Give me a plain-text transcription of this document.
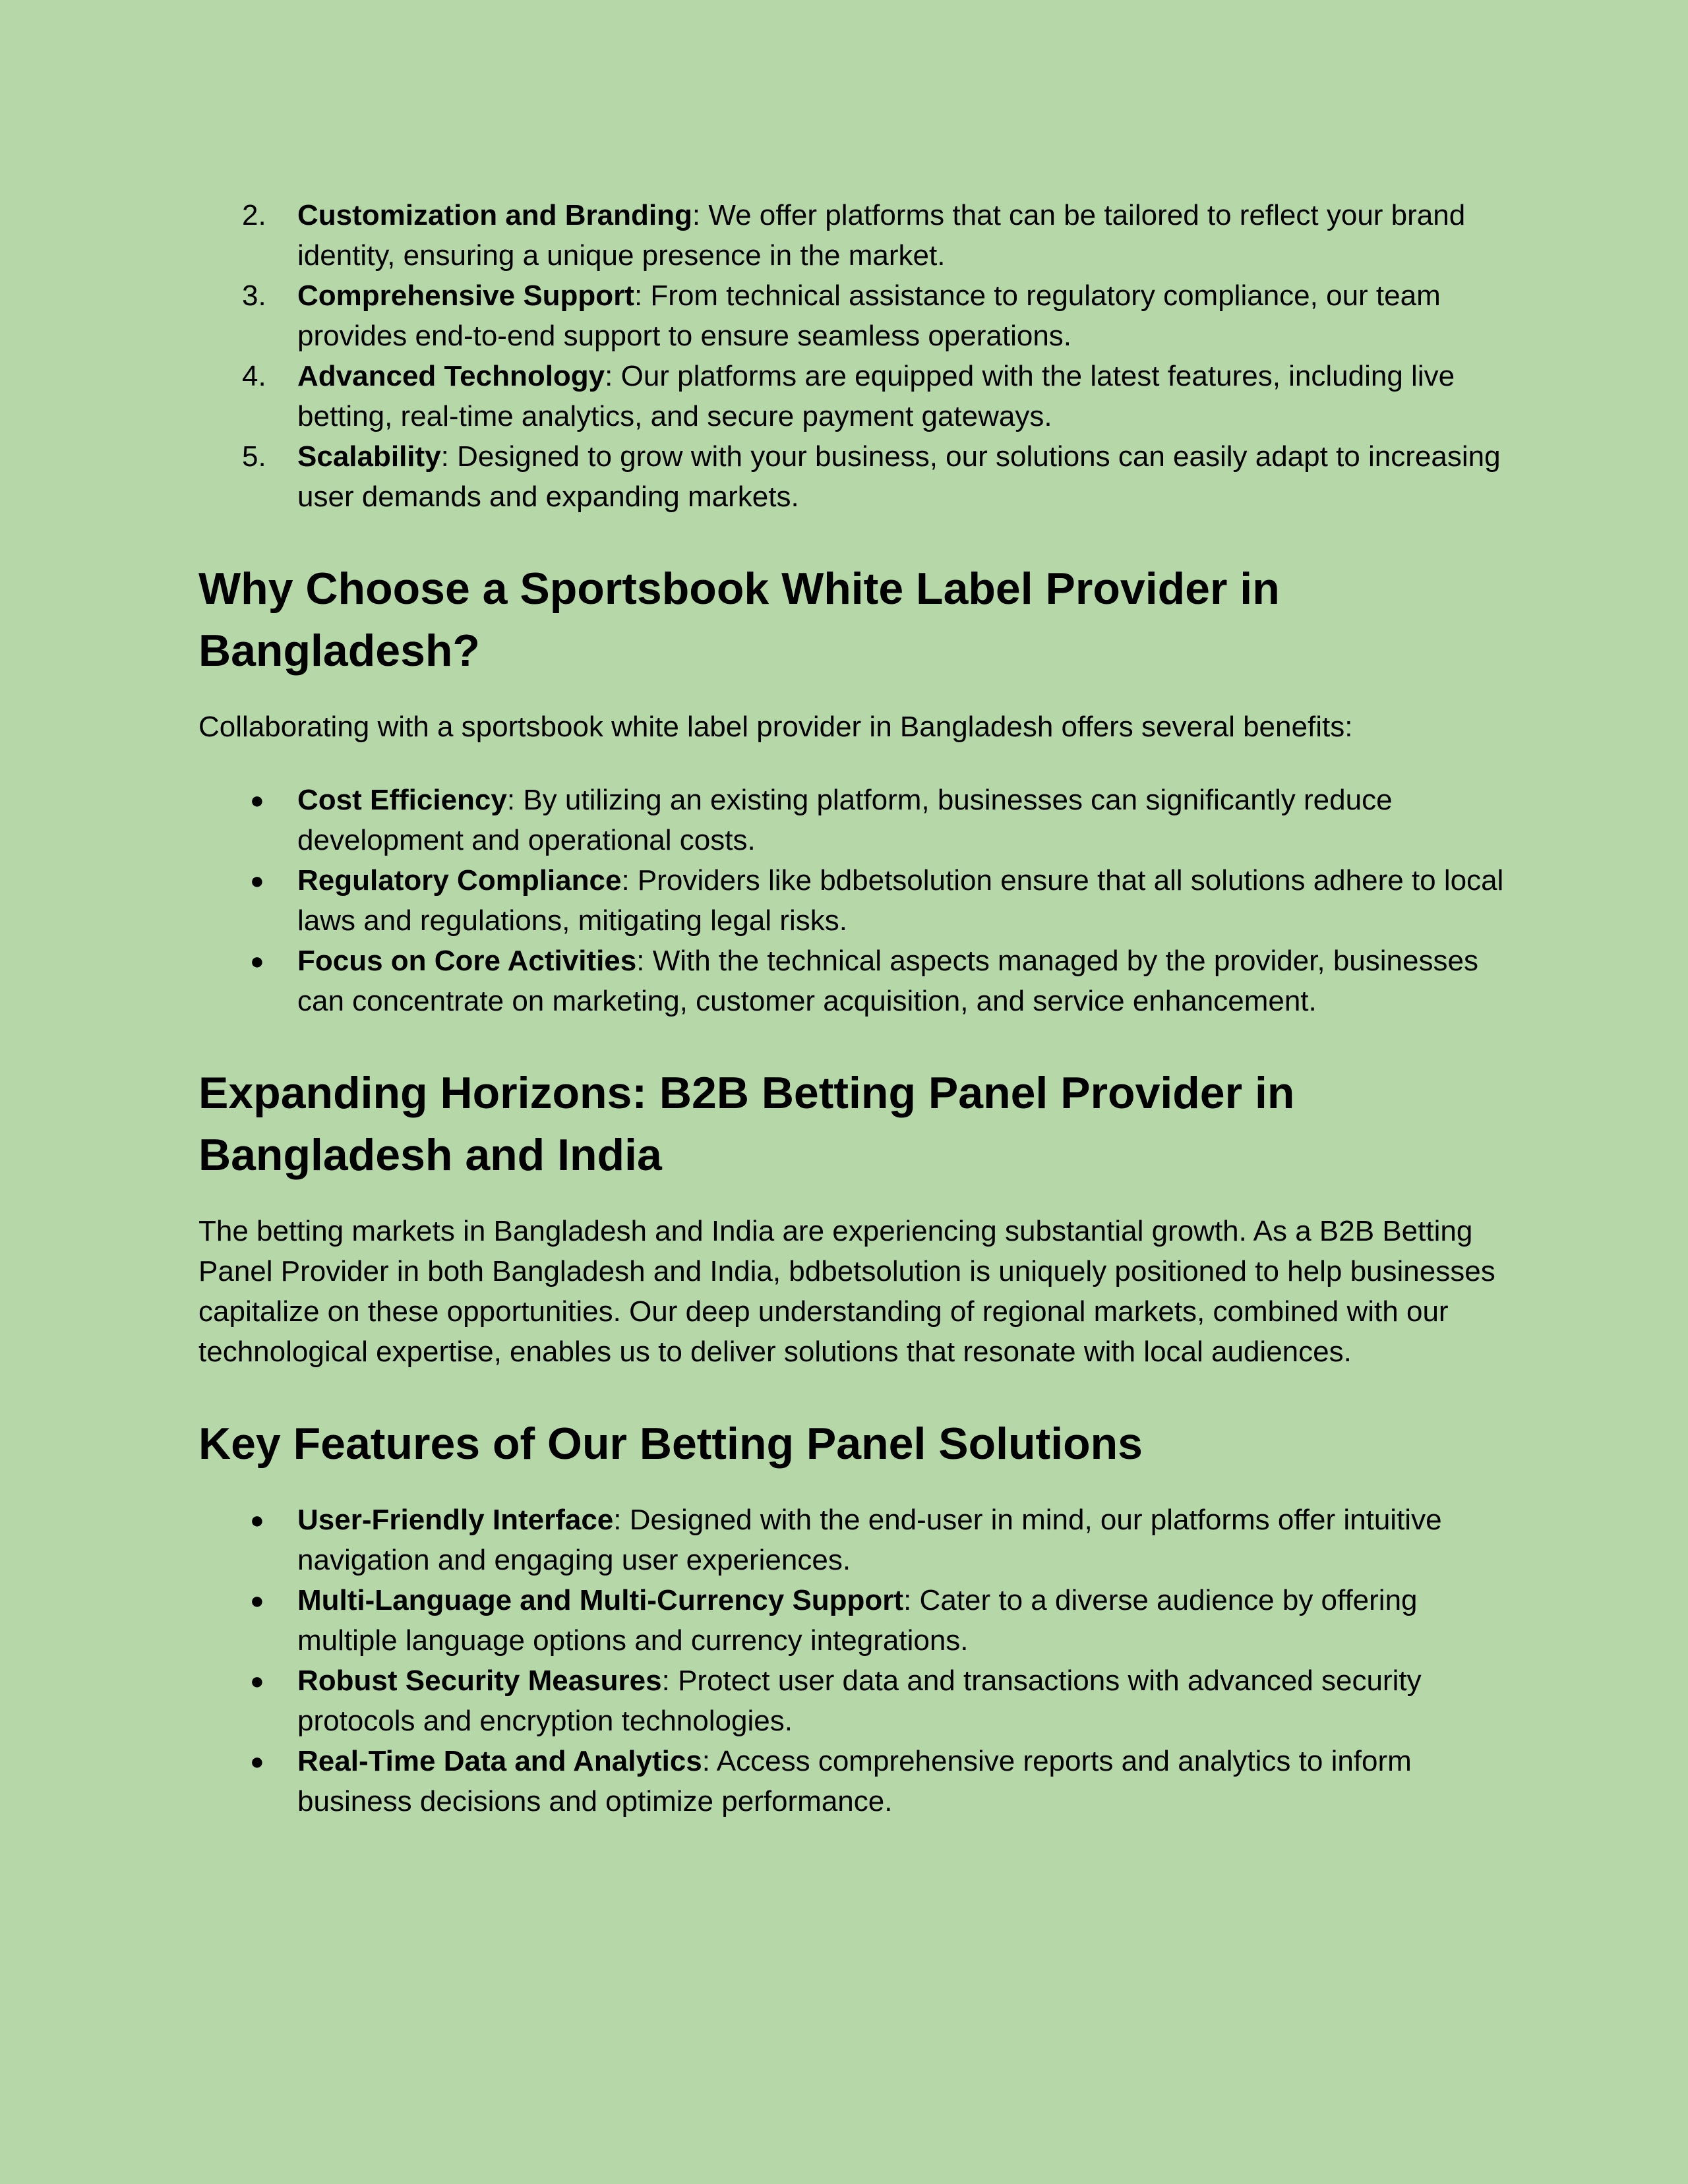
2.	Customization and Branding: We offer platforms that can be tailored to reflect your brand identity, ensuring a unique presence in the market.
3.	Comprehensive Support: From technical assistance to regulatory compliance, our team provides end-to-end support to ensure seamless operations.
4.	Advanced Technology: Our platforms are equipped with the latest features, including live betting, real-time analytics, and secure payment gateways.
5.	Scalability: Designed to grow with your business, our solutions can easily adapt to increasing user demands and expanding markets.
Why Choose a Sportsbook White Label Provider in Bangladesh?

Collaborating with a sportsbook white label provider in Bangladesh offers several benefits:

●	Cost Efficiency: By utilizing an existing platform, businesses can significantly reduce development and operational costs.
●	Regulatory Compliance: Providers like bdbetsolution ensure that all solutions adhere to local laws and regulations, mitigating legal risks.
●	Focus on Core Activities: With the technical aspects managed by the provider, businesses can concentrate on marketing, customer acquisition, and service enhancement.
Expanding Horizons: B2B Betting Panel Provider in Bangladesh and India

The betting markets in Bangladesh and India are experiencing substantial growth. As a B2B Betting Panel Provider in both Bangladesh and India, bdbetsolution is uniquely positioned to help businesses capitalize on these opportunities. Our deep understanding of regional markets, combined with our technological expertise, enables us to deliver solutions that resonate with local audiences.

Key Features of Our Betting Panel Solutions
●	User-Friendly Interface: Designed with the end-user in mind, our platforms offer intuitive navigation and engaging user experiences.
●	Multi-Language and Multi-Currency Support: Cater to a diverse audience by offering multiple language options and currency integrations.
●	Robust Security Measures: Protect user data and transactions with advanced security protocols and encryption technologies.
●	Real-Time Data and Analytics: Access comprehensive reports and analytics to inform business decisions and optimize performance.
